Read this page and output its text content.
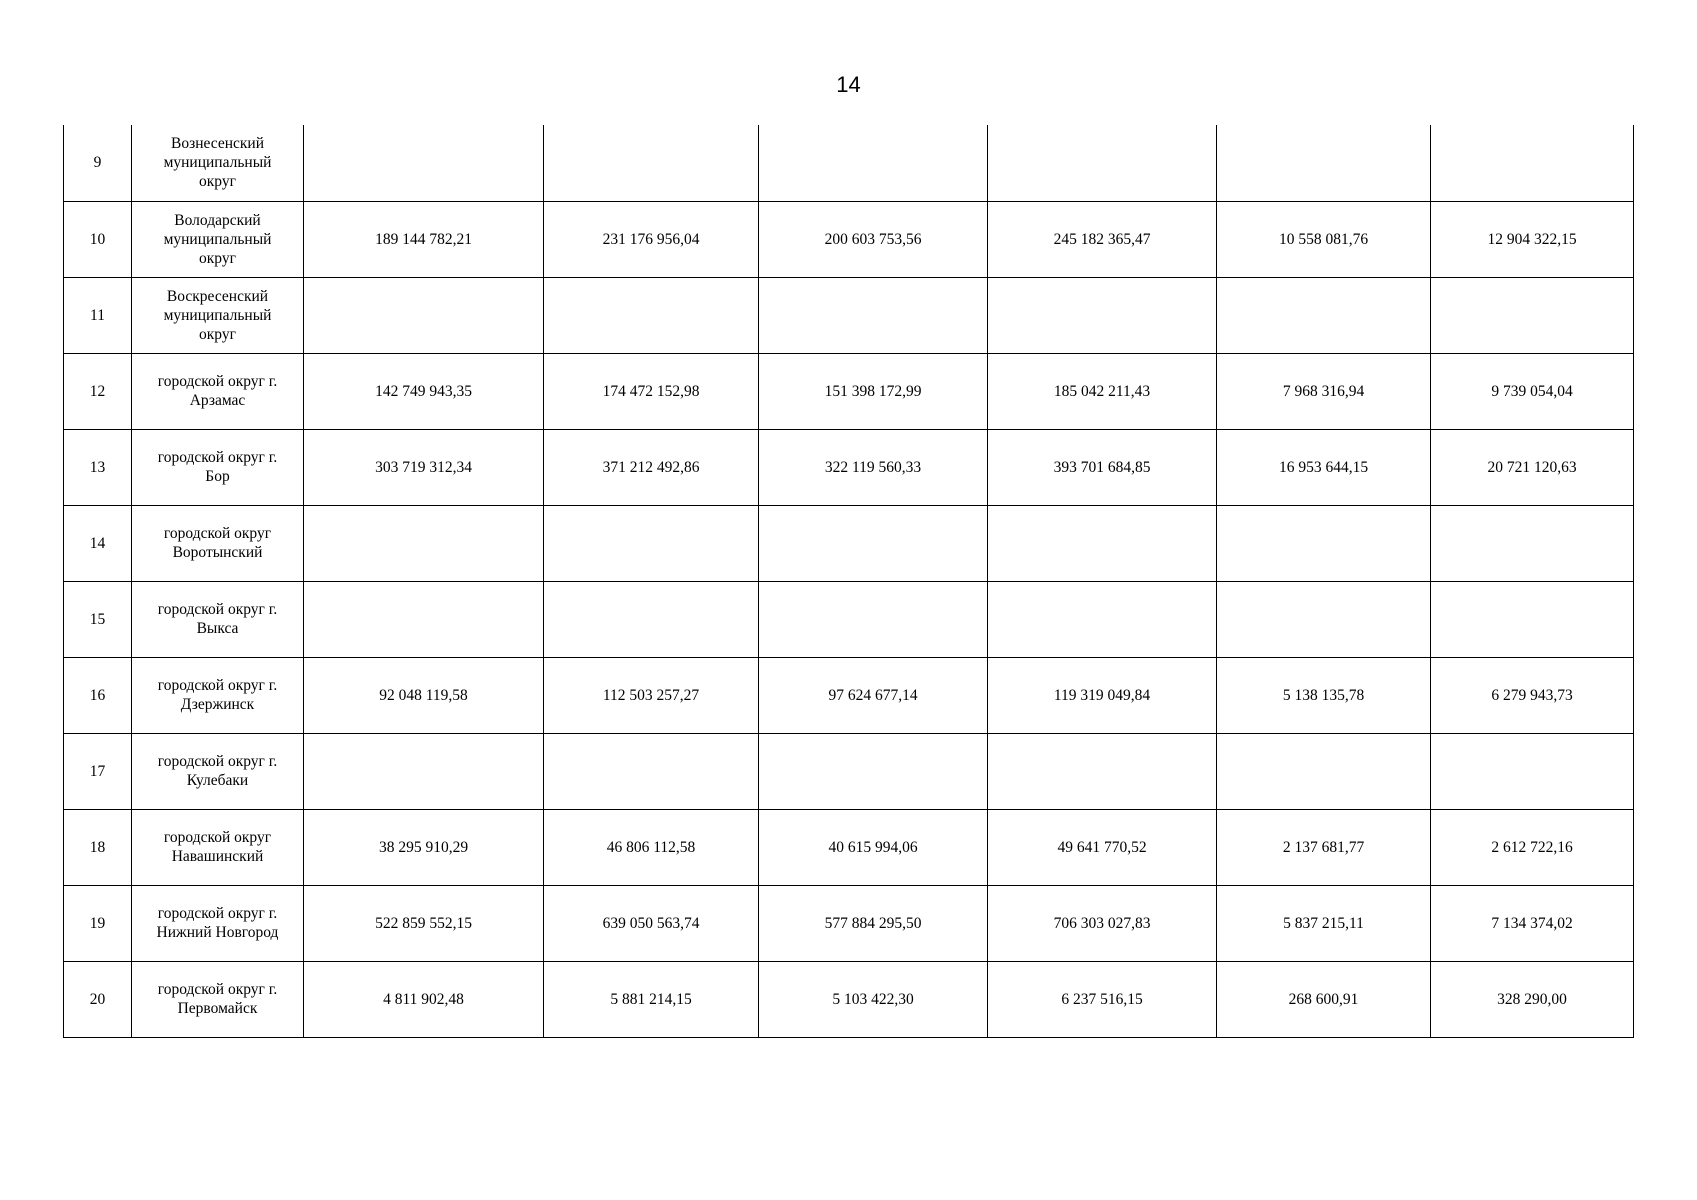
14
9	Вознесенский
муниципальный
округ						
10	Володарский
муниципальный
округ	189 144 782,21	231 176 956,04	200 603 753,56	245 182 365,47	10 558 081,76	12 904 322,15
11	Воскресенский
муниципальный
округ						
12	городской округ г.
Арзамас	142 749 943,35	174 472 152,98	151 398 172,99	185 042 211,43	7 968 316,94	9 739 054,04
13	городской округ г.
Бор	303 719 312,34	371 212 492,86	322 119 560,33	393 701 684,85	16 953 644,15	20 721 120,63
14	городской округ
Воротынский						
15	городской округ г.
Выкса						
16	городской округ г.
Дзержинск	92 048 119,58	112 503 257,27	97 624 677,14	119 319 049,84	5 138 135,78	6 279 943,73
17	городской округ г.
Кулебаки						
18	городской округ
Навашинский	38 295 910,29	46 806 112,58	40 615 994,06	49 641 770,52	2 137 681,77	2 612 722,16
19	городской округ г.
Нижний Новгород	522 859 552,15	639 050 563,74	577 884 295,50	706 303 027,83	5 837 215,11	7 134 374,02
20	городской округ г.
Первомайск	4 811 902,48	5 881 214,15	5 103 422,30	6 237 516,15	268 600,91	328 290,00
